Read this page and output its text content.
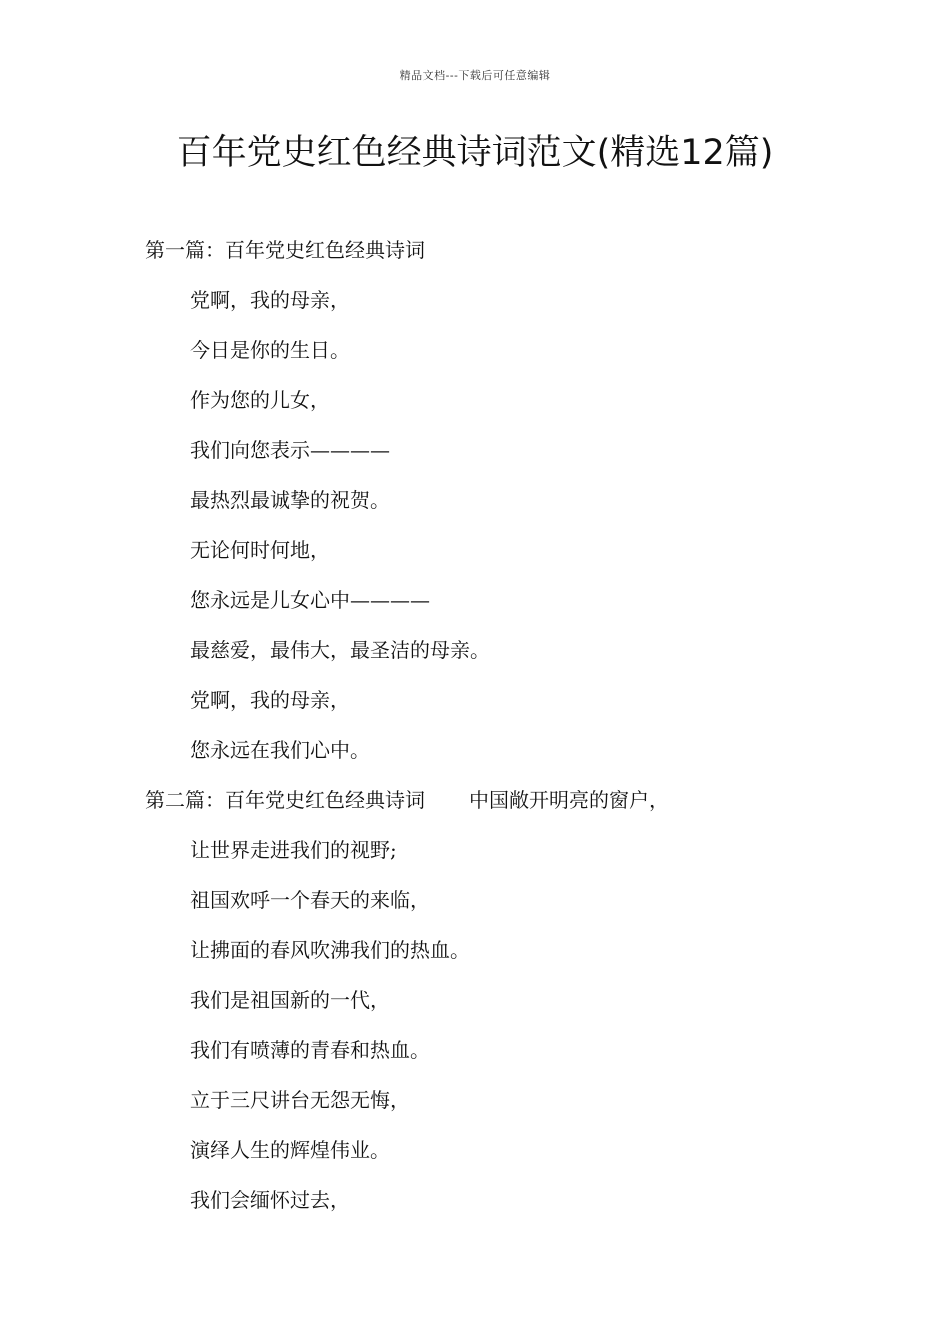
精品文档---下载后可任意编辑
百年党史红色经典诗词范文(精选12篇)
第一篇：百年党史红色经典诗词
党啊，我的母亲，
今日是你的生日。
作为您的儿女，
我们向您表示————
最热烈最诚挚的祝贺。
无论何时何地，
您永远是儿女心中————
最慈爱，最伟大，最圣洁的母亲。
党啊，我的母亲，
您永远在我们心中。
第二篇：百年党史红色经典诗词 中国敞开明亮的窗户，
让世界走进我们的视野;
祖国欢呼一个春天的来临，
让拂面的春风吹沸我们的热血。
我们是祖国新的一代，
我们有喷薄的青春和热血。
立于三尺讲台无怨无悔，
演绎人生的辉煌伟业。
我们会缅怀过去，
